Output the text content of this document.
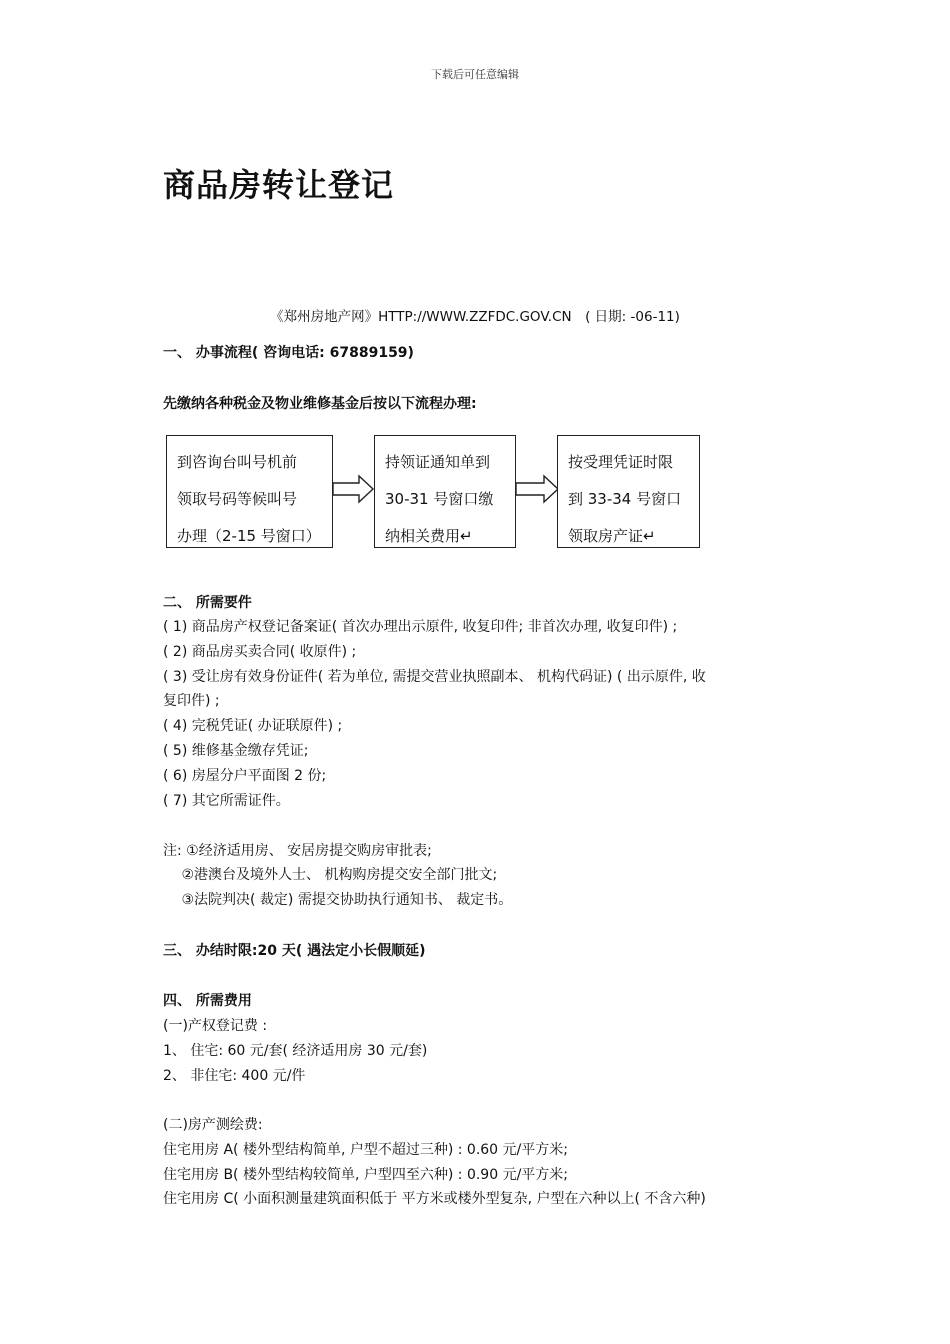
下载后可任意编辑
商品房转让登记
《郑州房地产网》HTTP://WWW.ZZFDC.GOV.CN　( 日期: -06-11)
一、 办事流程( 咨询电话: 67889159)
先缴纳各种税金及物业维修基金后按以下流程办理:
到咨询台叫号机前
领取号码等候叫号
办理（2-15 号窗口）
持领证通知单到
30-31 号窗口缴
纳相关费用↵
按受理凭证时限
到 33-34 号窗口
领取房产证↵
二、 所需要件
( 1) 商品房产权登记备案证( 首次办理出示原件, 收复印件; 非首次办理, 收复印件) ;
( 2) 商品房买卖合同( 收原件) ;
( 3) 受让房有效身份证件( 若为单位, 需提交营业执照副本、 机构代码证) ( 出示原件, 收
复印件) ;
( 4) 完税凭证( 办证联原件) ;
( 5) 维修基金缴存凭证;
( 6) 房屋分户平面图 2 份;
( 7) 其它所需证件。
注: ①经济适用房、 安居房提交购房审批表;
　 ②港澳台及境外人士、 机构购房提交安全部门批文;
　 ③法院判决( 裁定) 需提交协助执行通知书、 裁定书。
三、 办结时限:20 天( 遇法定小长假顺延)
四、 所需费用
(一)产权登记费 :
1、 住宅: 60 元/套( 经济适用房 30 元/套)
2、 非住宅: 400 元/件
(二)房产测绘费:
住宅用房 A( 楼外型结构简单, 户型不超过三种) : 0.60 元/平方米;
住宅用房 B( 楼外型结构较简单, 户型四至六种) : 0.90 元/平方米;
住宅用房 C( 小面积测量建筑面积低于 平方米或楼外型复杂, 户型在六种以上( 不含六种)
